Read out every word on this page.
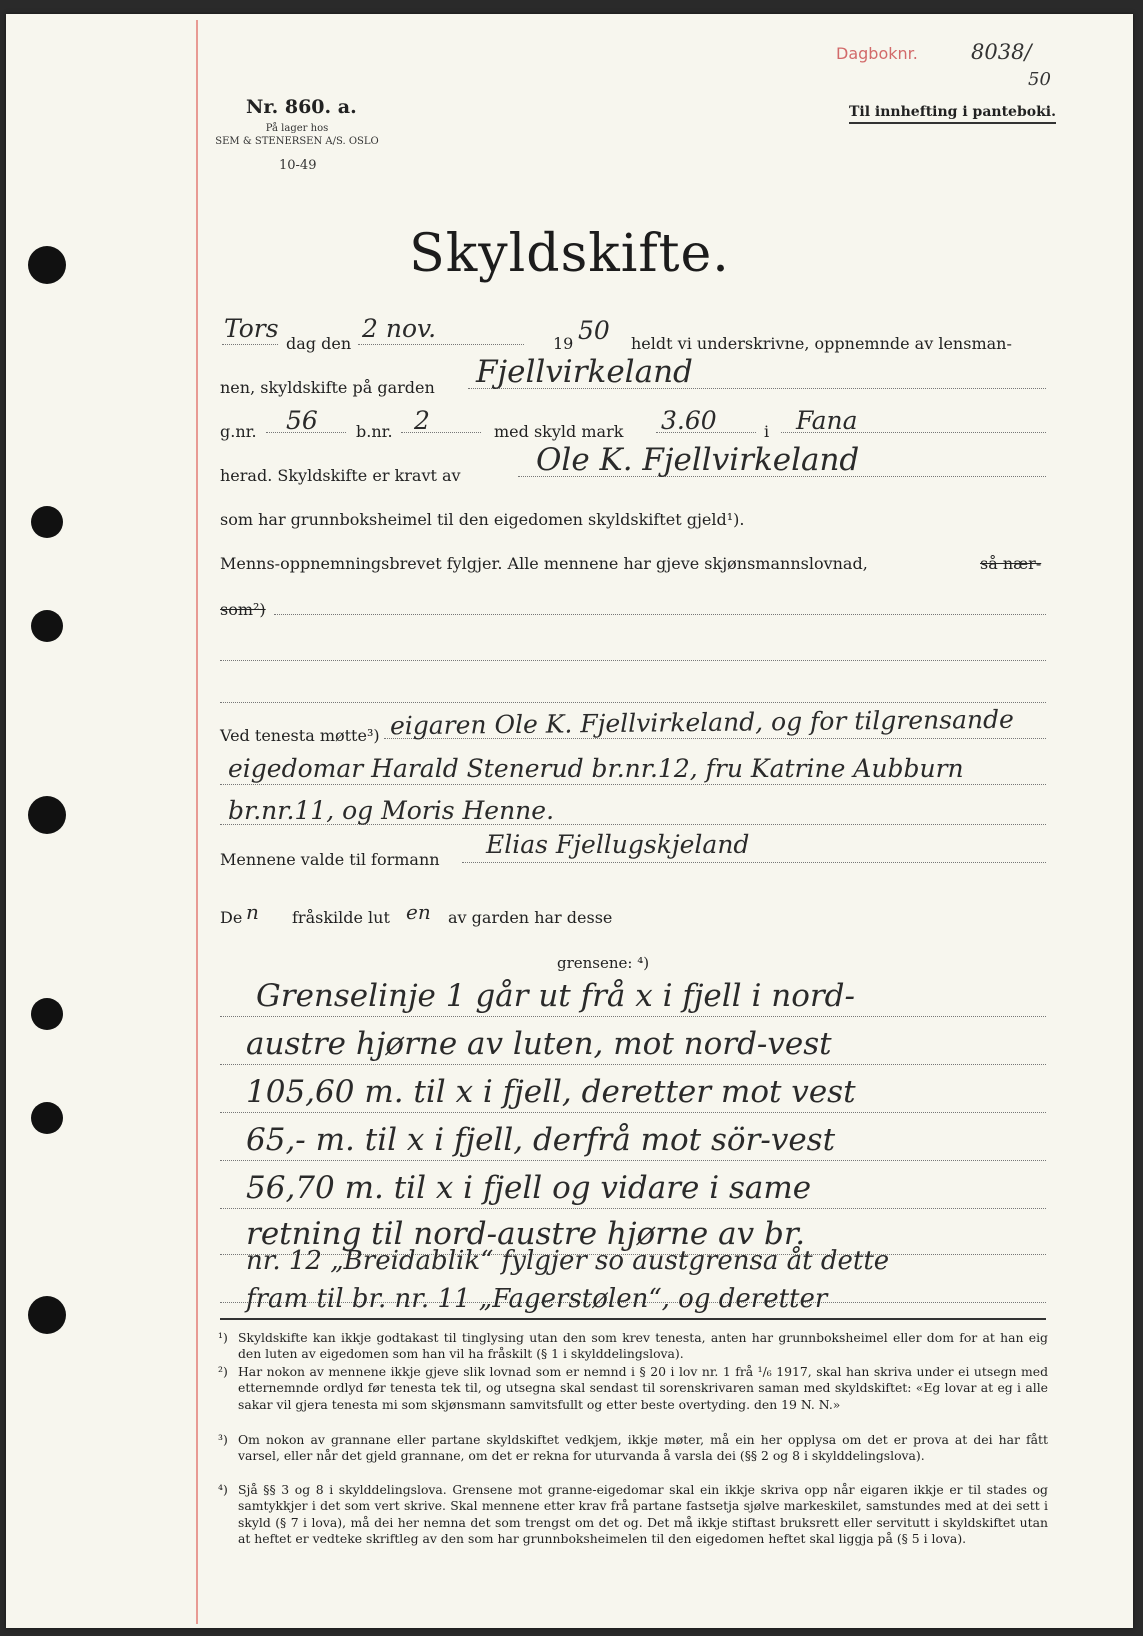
Nr. 860. a.
På lager hos
SEM & STENERSEN A/S. OSLO
10-49
Dagboknr.	8038/
50
Til innhefting i panteboki.
Skyldskifte.
Tors
dag den
2 nov.
19 50 heldt vi underskrivne, oppnemnde av lensman-
nen, skyldskifte på garden Fjellvirkeland
g.nr. 56 b.nr. 2	med skyld mark 3.60	i Fana
herad. Skyldskifte er kravt av Ole K. Fjellvirkeland
som har grunnboksheimel til den eigedomen skyldskiftet gjeld¹).
Menns-oppnemningsbrevet fylgjer. Alle mennene har gjeve skjønsmannslovnad,	så nær-
som²)
Ved tenesta møtte³) eigaren Ole K. Fjellvirkeland, og for tilgrensande
eigedomar Harald Stenerud br.nr.12, fru Katrine Aubburn
br.nr.11, og Moris Henne.
Mennene valde til formann
Elias Fjellugskjeland
De n fråskilde lut en av garden har desse
grensene: ⁴)
Grenselinje 1 går ut frå x i fjell i nord-
austre hjørne av luten, mot nord-vest
105,60 m. til x i fjell, deretter mot vest
65,- m. til x i fjell, derfrå mot sör-vest
56,70 m. til x i fjell og vidare i same
retning til nord-austre hjørne av br.
nr. 12 „Breidablik“ fylgjer so austgrensa åt dette
fram til br. nr. 11 „Fagerstølen“, og deretter
¹) Skyldskifte kan ikkje godtakast til tinglysing utan den som krev tenesta, anten har grunnboksheimel eller dom for at han eig den luten av eigedomen som han vil ha fråskilt (§ 1 i skylddelingslova).
²) Har nokon av mennene ikkje gjeve slik lovnad som er nemnd i § 20 i lov nr. 1 frå ¹/₆ 1917, skal han skriva under ei utsegn med etternemnde ordlyd før tenesta tek til, og utsegna skal sendast til sorenskrivaren saman med skyldskiftet: «Eg lovar at eg i alle sakar vil gjera tenesta mi som skjønsmann samvitsfullt og etter beste overtyding. den 19 N. N.»
³) Om nokon av grannane eller partane skyldskiftet vedkjem, ikkje møter, må ein her opplysa om det er prova at dei har fått varsel, eller når det gjeld grannane, om det er rekna for uturvanda å varsla dei (§§ 2 og 8 i skylddelingslova).
⁴) Sjå §§ 3 og 8 i skylddelingslova. Grensene mot granne-eigedomar skal ein ikkje skriva opp når eigaren ikkje er til stades og samtykkjer i det som vert skrive. Skal mennene etter krav frå partane fastsetja sjølve markeskilet, samstundes med at dei sett i skyld (§ 7 i lova), må dei her nemna det som trengst om det og. Det må ikkje stiftast bruksrett eller servitutt i skyldskiftet utan at heftet er vedteke skriftleg av den som har grunnboksheimelen til den eigedomen heftet skal liggja på (§ 5 i lova).
